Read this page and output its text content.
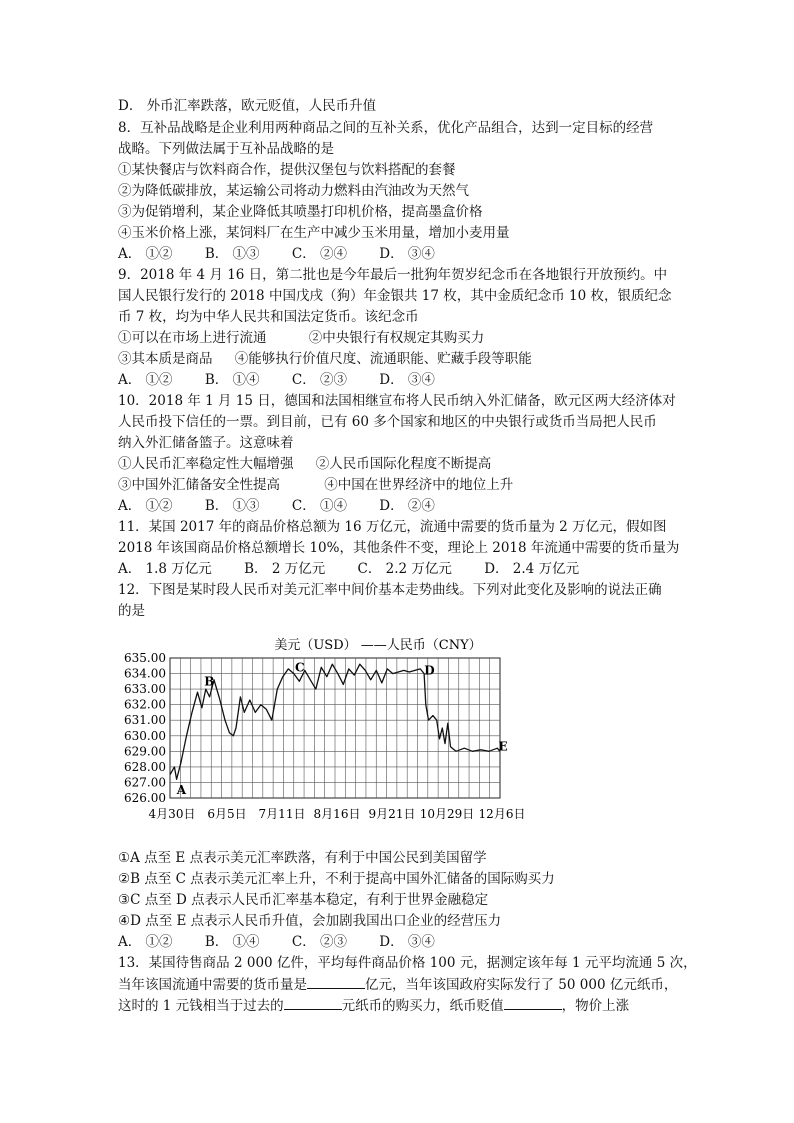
D． 外币汇率跌落，欧元贬值，人民币升值
8．互补品战略是企业利用两种商品之间的互补关系，优化产品组合，达到一定目标的经营
战略。下列做法属于互补品战略的是
①某快餐店与饮料商合作，提供汉堡包与饮料搭配的套餐
②为降低碳排放，某运输公司将动力燃料由汽油改为天然气
③为促销增利，某企业降低其喷墨打印机价格，提高墨盒价格
④玉米价格上涨，某饲料厂在生产中减少玉米用量，增加小麦用量
A． ①② B． ①③ C． ②④ D． ③④
9．2018 年 4 月 16 日，第二批也是今年最后一批狗年贺岁纪念币在各地银行开放预约。中
国人民银行发行的 2018 中国戊戌（狗）年金银共 17 枚，其中金质纪念币 10 枚，银质纪念
币 7 枚，均为中华人民共和国法定货币。该纪念币
①可以在市场上进行流通	②中央银行有权规定其购买力
③其本质是商品 ④能够执行价值尺度、流通职能、贮藏手段等职能
A． ①② B． ①④ C． ②③ D． ③④
10．2018 年 1 月 15 日，德国和法国相继宣布将人民币纳入外汇储备，欧元区两大经济体对
人民币投下信任的一票。到目前，已有 60 多个国家和地区的中央银行或货币当局把人民币
纳入外汇储备篮子。这意味着
①人民币汇率稳定性大幅增强 ②人民币国际化程度不断提高
③中国外汇储备安全性提高	④中国在世界经济中的地位上升
A． ①② B． ①③ C． ①④ D． ②④
11．某国 2017 年的商品价格总额为 16 万亿元，流通中需要的货币量为 2 万亿元，假如图
2018 年该国商品价格总额增长 10%，其他条件不变，理论上 2018 年流通中需要的货币量为
A． 1.8 万亿元 B． 2 万亿元 C． 2.2 万亿元 D． 2.4 万亿元
12．下图是某时段人民币对美元汇率中间价基本走势曲线。下列对此变化及影响的说法正确
的是
635.00
634.00
633.00
632.00
631.00
630.00
629.00
628.00
627.00
626.00
4月30日 6月5日 7月11日 8月16日 9月21日 10月29日 12月6日
A
B
C	D
E
美元（USD） ——人民币（CNY）
①A 点至 E 点表示美元汇率跌落，有利于中国公民到美国留学
②B 点至 C 点表示美元汇率上升，不利于提高中国外汇储备的国际购买力
③C 点至 D 点表示人民币汇率基本稳定，有利于世界金融稳定
④D 点至 E 点表示人民币升值，会加剧我国出口企业的经营压力
A． ①② B． ①④ C． ②③ D． ③④
13．某国待售商品 2 000 亿件，平均每件商品价格 100 元，据测定该年每 1 元平均流通 5 次，
当年该国流通中需要的货币量是	亿元，当年该国政府实际发行了 50 000 亿元纸币，
这时的 1 元钱相当于过去的	元纸币的购买力，纸币贬值	，物价上涨
